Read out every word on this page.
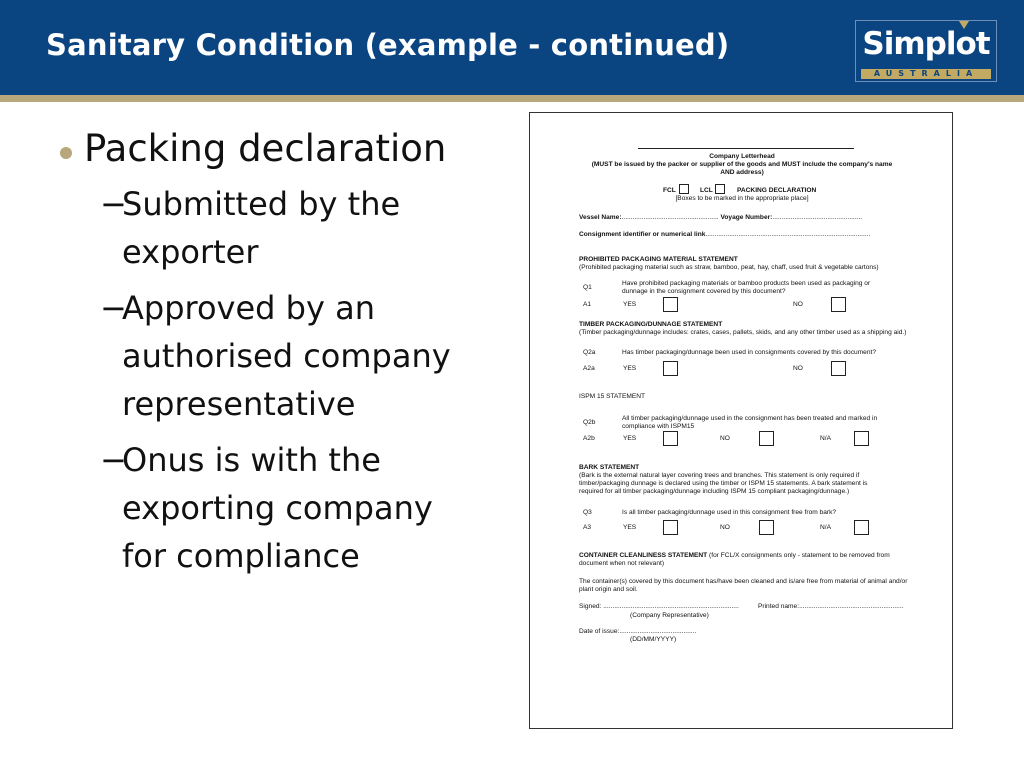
Sanitary Condition (example - continued)	Simplot
AUSTRALIA
Packing declaration
−
Submitted by the
exporter
−
Approved by an
authorised company
representative
−
Onus is with the
exporting company
for compliance
Company Letterhead
(MUST be issued by the packer or supplier of the goods and MUST include the company's name
AND address)
FCL	LCL	PACKING DECLARATION
[Boxes to be marked in the appropriate place]
Vessel Name:..................................................... Voyage Number:.................................................
Consignment identifier or numerical link..........................................................................................
PROHIBITED PACKAGING MATERIAL STATEMENT
(Prohibited packaging material such as straw, bamboo, peat, hay, chaff, used fruit & vegetable cartons)
Q1
Have prohibited packaging materials or bamboo products been used as packaging or
dunnage in the consignment covered by this document?
A1	YES	NO
TIMBER PACKAGING/DUNNAGE STATEMENT
(Timber packaging/dunnage includes: crates, cases, pallets, skids, and any other timber used as a shipping aid.)
Q2a	Has timber packaging/dunnage been used in consignments covered by this document?
A2a	YES	NO
ISPM 15 STATEMENT
Q2b
All timber packaging/dunnage used in the consignment has been treated and marked in
compliance with ISPM15
A2b	YES	NO	N/A
BARK STATEMENT
(Bark is the external natural layer covering trees and branches. This statement is only required if
timber/packaging dunnage is declared using the timber or ISPM 15 statements. A bark statement is
required for all timber packaging/dunnage including ISPM 15 compliant packaging/dunnage.)
Q3	Is all timber packaging/dunnage used in this consignment free from bark?
A3	YES	NO	N/A
CONTAINER CLEANLINESS STATEMENT (for FCL/X consignments only - statement to be removed from
document when not relevant)
The container(s) covered by this document has/have been cleaned and is/are free from material of animal and/or
plant origin and soil.
Signed: ..........................................................................	Printed name:.........................................................
(Company Representative)
Date of issue:..........................................
(DD/MM/YYYY)
